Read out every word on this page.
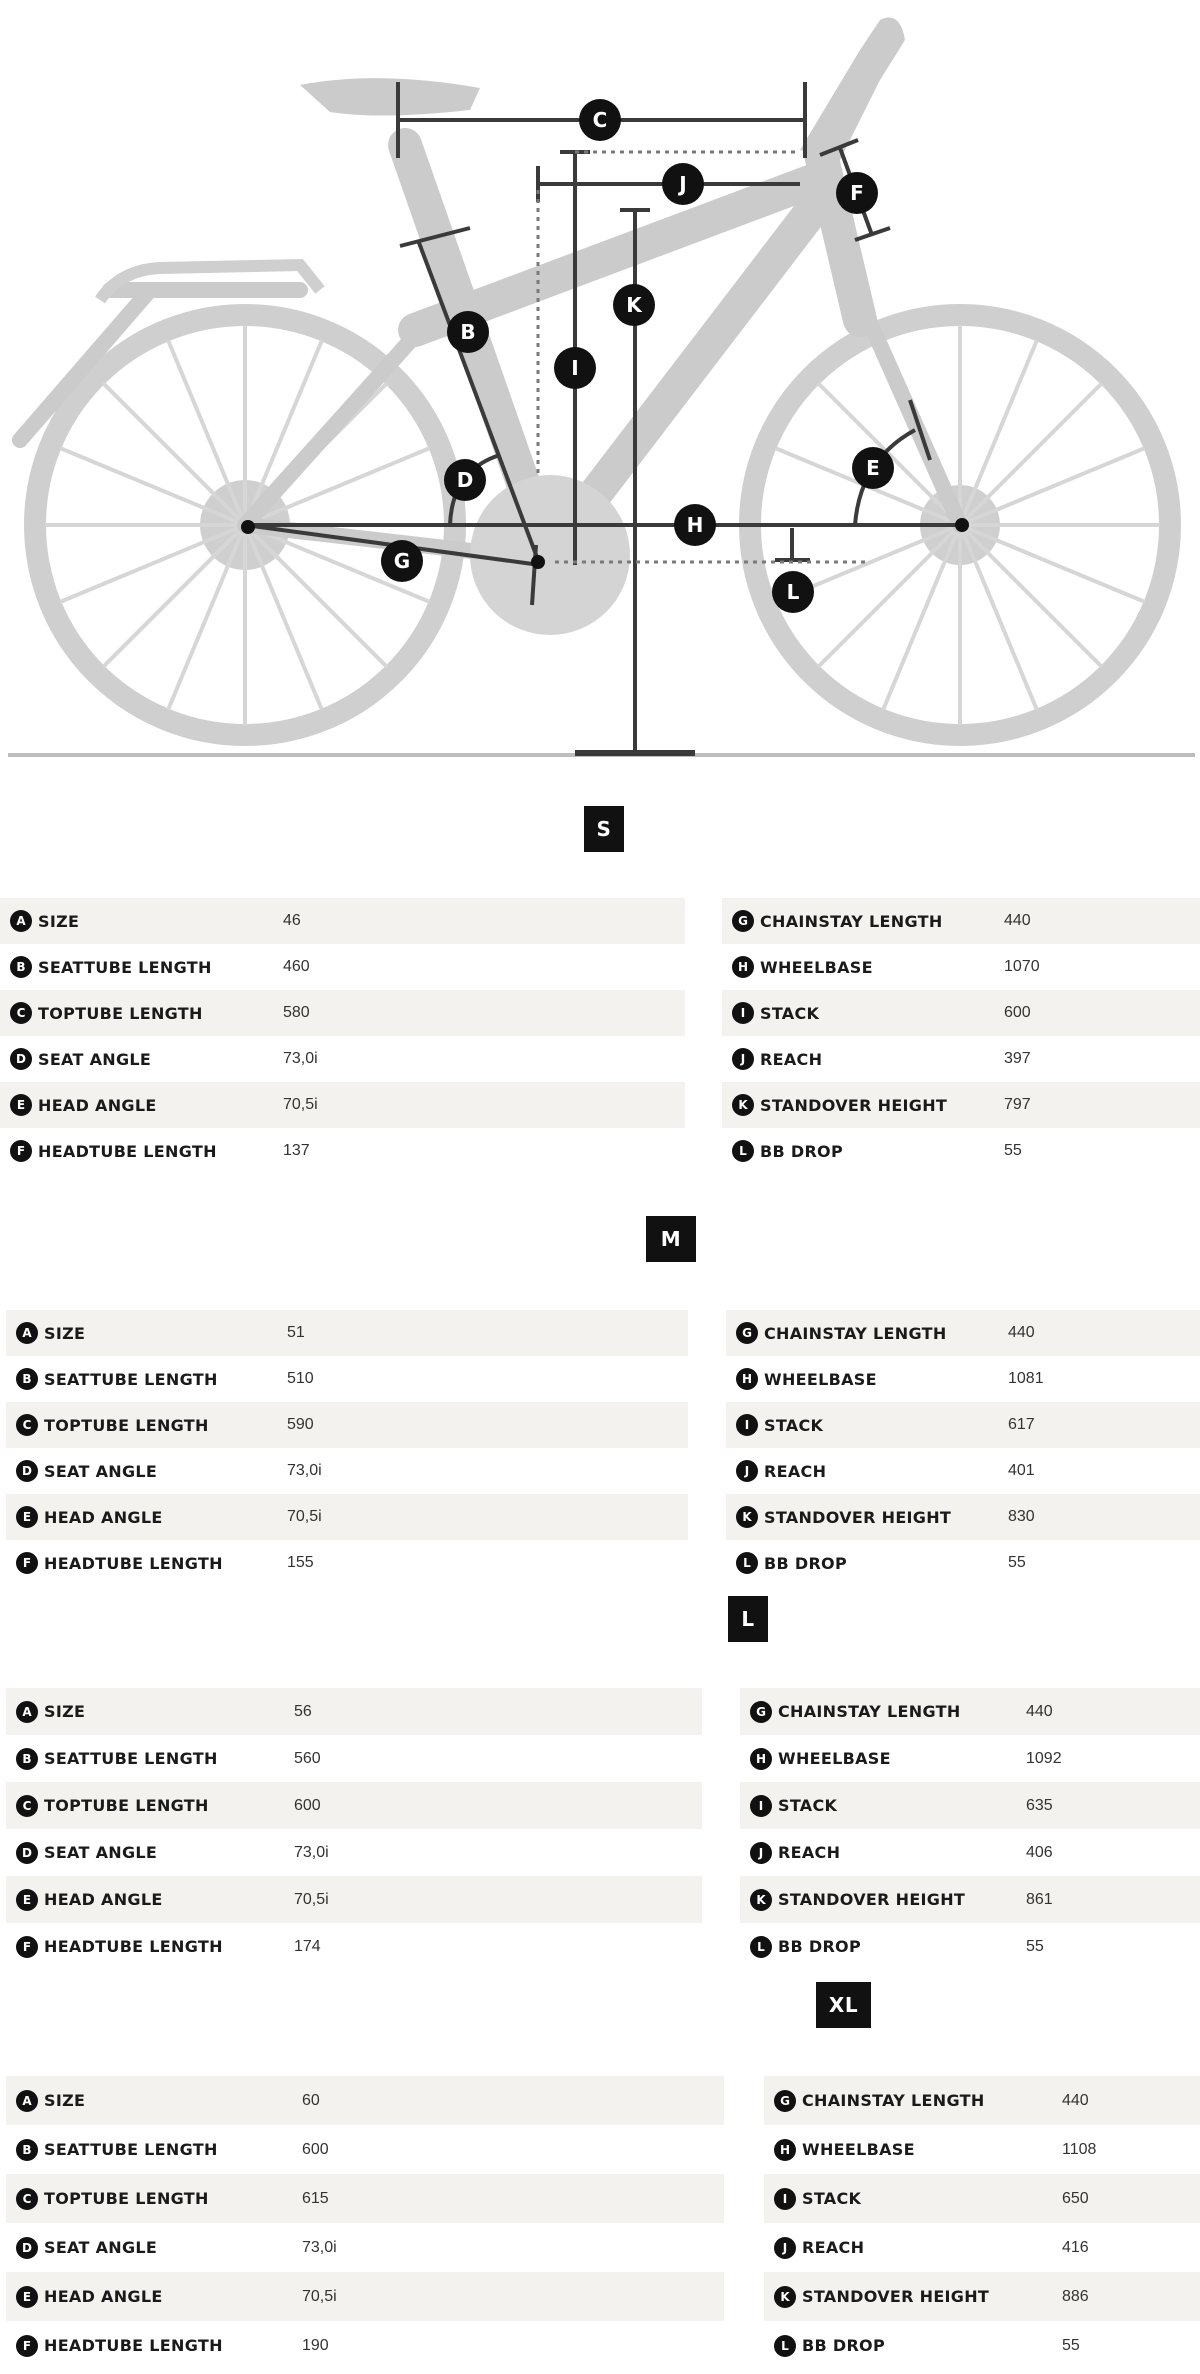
C
J	F
K
B
I
D	E
H
G
L
S
A SIZE	46
B SEATTUBE LENGTH	460
C TOPTUBE LENGTH	580
D SEAT ANGLE	73,0i
E HEAD ANGLE	70,5i
F HEADTUBE LENGTH	137
G CHAINSTAY LENGTH	440
H WHEELBASE	1070
I STACK	600
J REACH	397
K STANDOVER HEIGHT	797
L BB DROP	55
M
A SIZE	51
B SEATTUBE LENGTH	510
C TOPTUBE LENGTH	590
D SEAT ANGLE	73,0i
E HEAD ANGLE	70,5i
F HEADTUBE LENGTH	155
G CHAINSTAY LENGTH	440
H WHEELBASE	1081
I STACK	617
J REACH	401
K STANDOVER HEIGHT	830
L BB DROP	55
L
A SIZE	56
B SEATTUBE LENGTH	560
C TOPTUBE LENGTH	600
D SEAT ANGLE	73,0i
E HEAD ANGLE	70,5i
F HEADTUBE LENGTH	174
G CHAINSTAY LENGTH	440
H WHEELBASE	1092
I STACK	635
J REACH	406
K STANDOVER HEIGHT	861
L BB DROP	55
XL
A SIZE	60
B SEATTUBE LENGTH	600
C TOPTUBE LENGTH	615
D SEAT ANGLE	73,0i
E HEAD ANGLE	70,5i
F HEADTUBE LENGTH	190
G CHAINSTAY LENGTH	440
H WHEELBASE	1108
I STACK	650
J REACH	416
K STANDOVER HEIGHT	886
L BB DROP	55
